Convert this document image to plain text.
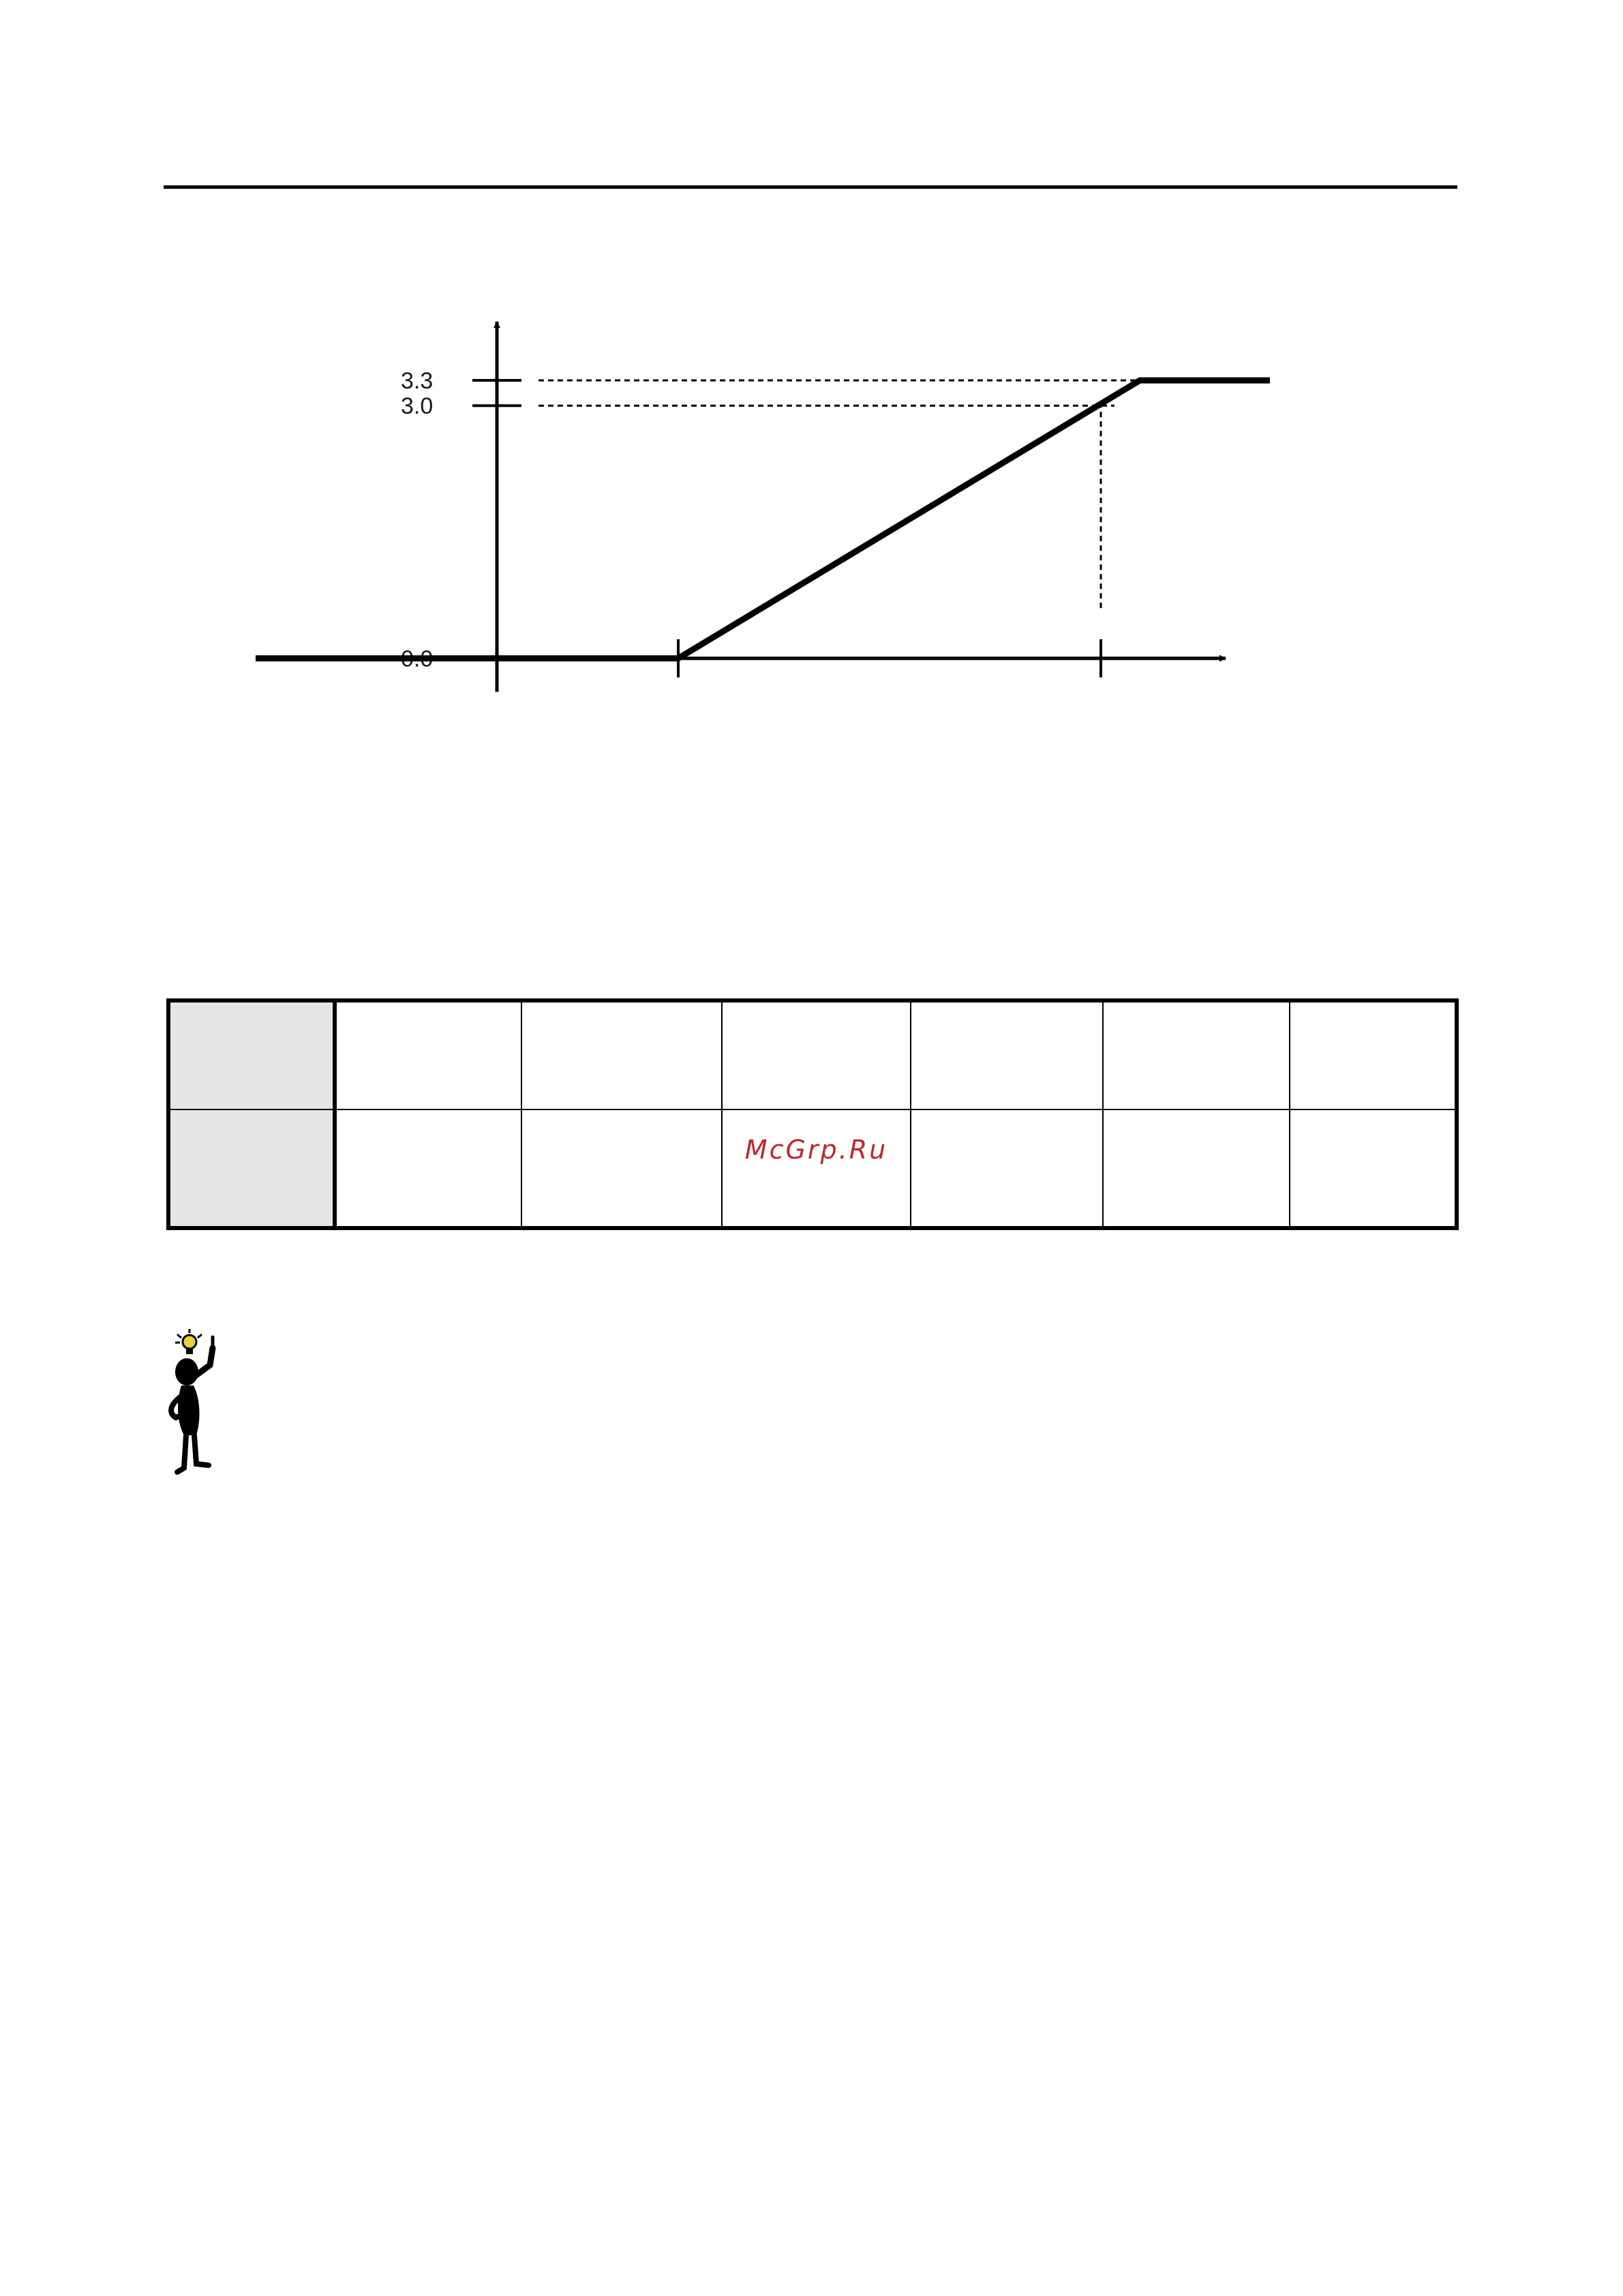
3.3
3.0
0.0

			McGrp.Ru			
